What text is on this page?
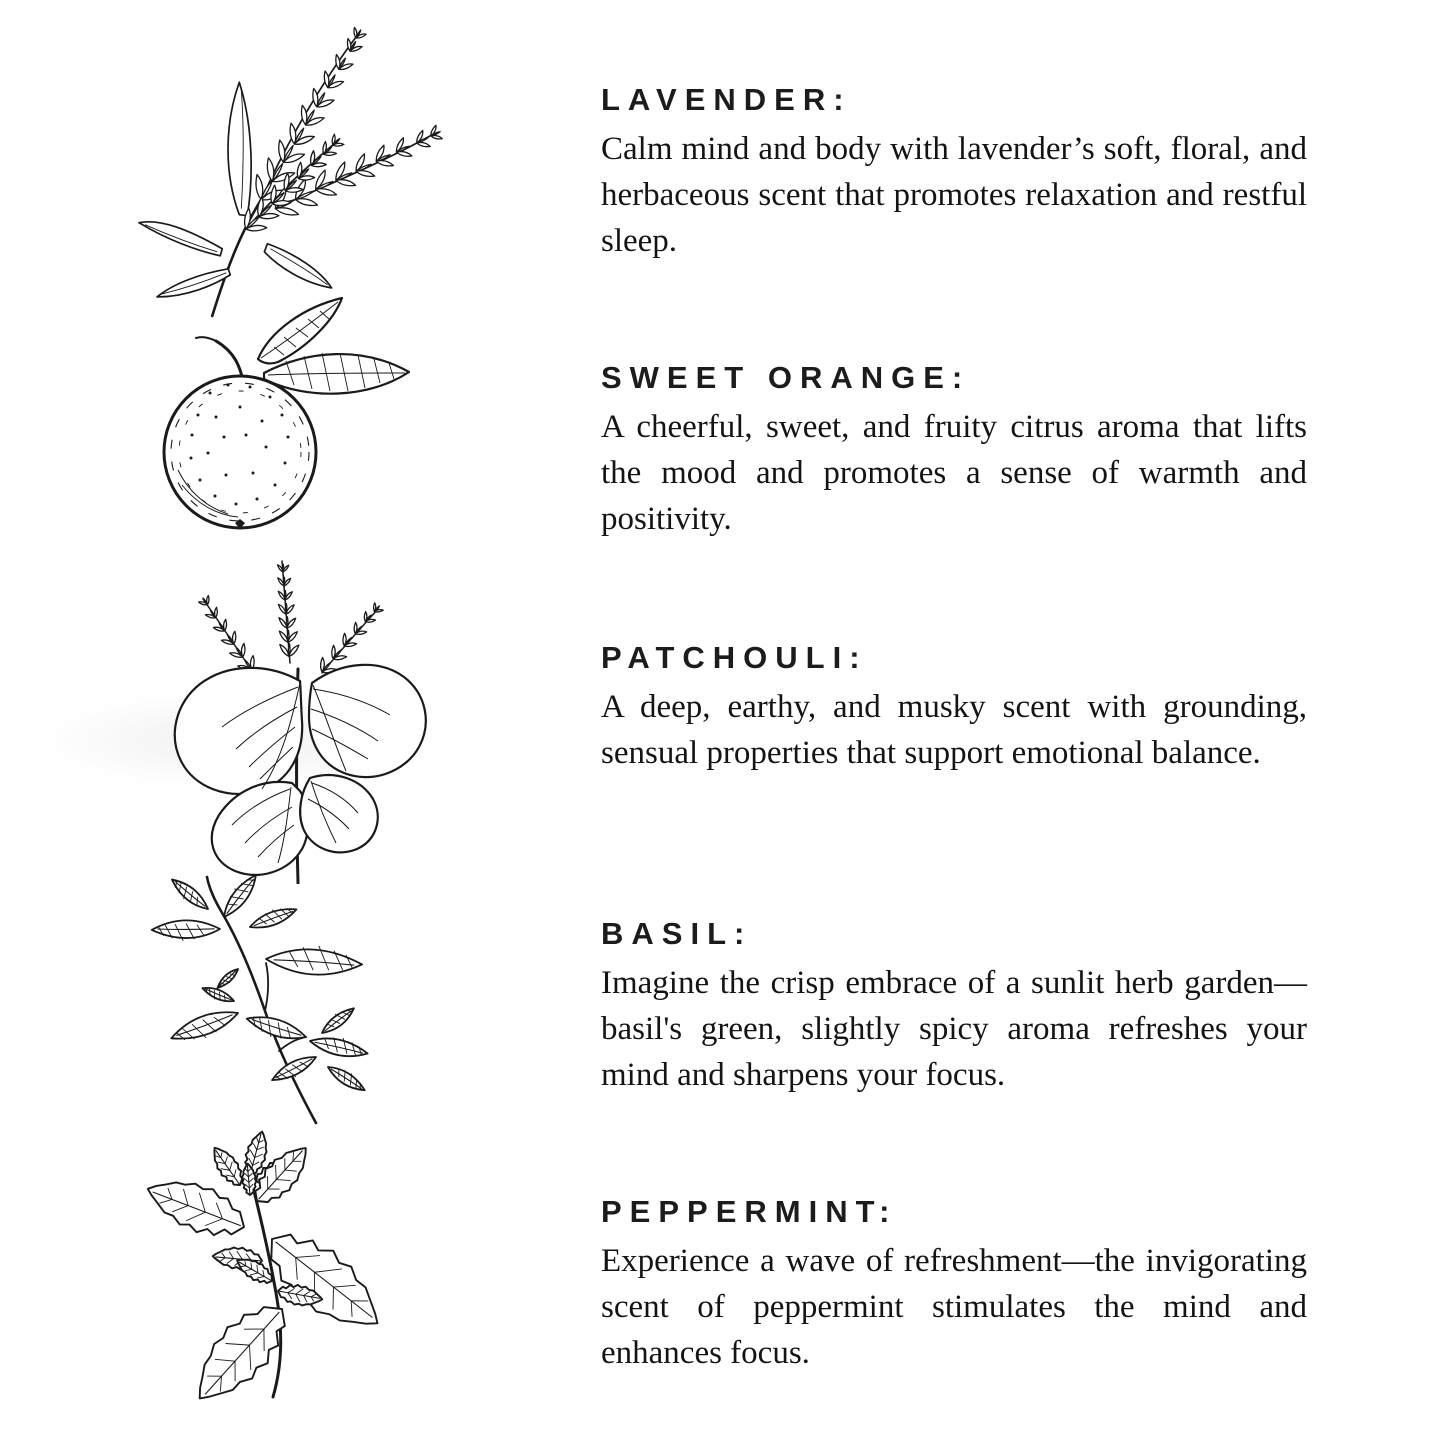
LAVENDER:

Calm mind and body with lavender’s soft, floral, and herbaceous scent that promotes relaxation and restful sleep.

SWEET ORANGE:

A cheerful, sweet, and fruity citrus aroma that lifts the mood and promotes a sense of warmth and positivity.

PATCHOULI:

A deep, earthy, and musky scent with grounding, sensual properties that support emotional balance.

BASIL:

Imagine the crisp embrace of a sunlit herb garden—basil's green, slightly spicy aroma refreshes your mind and sharpens your focus.

PEPPERMINT:

Experience a wave of refreshment—the invigorating scent of peppermint stimulates the mind and enhances focus.
